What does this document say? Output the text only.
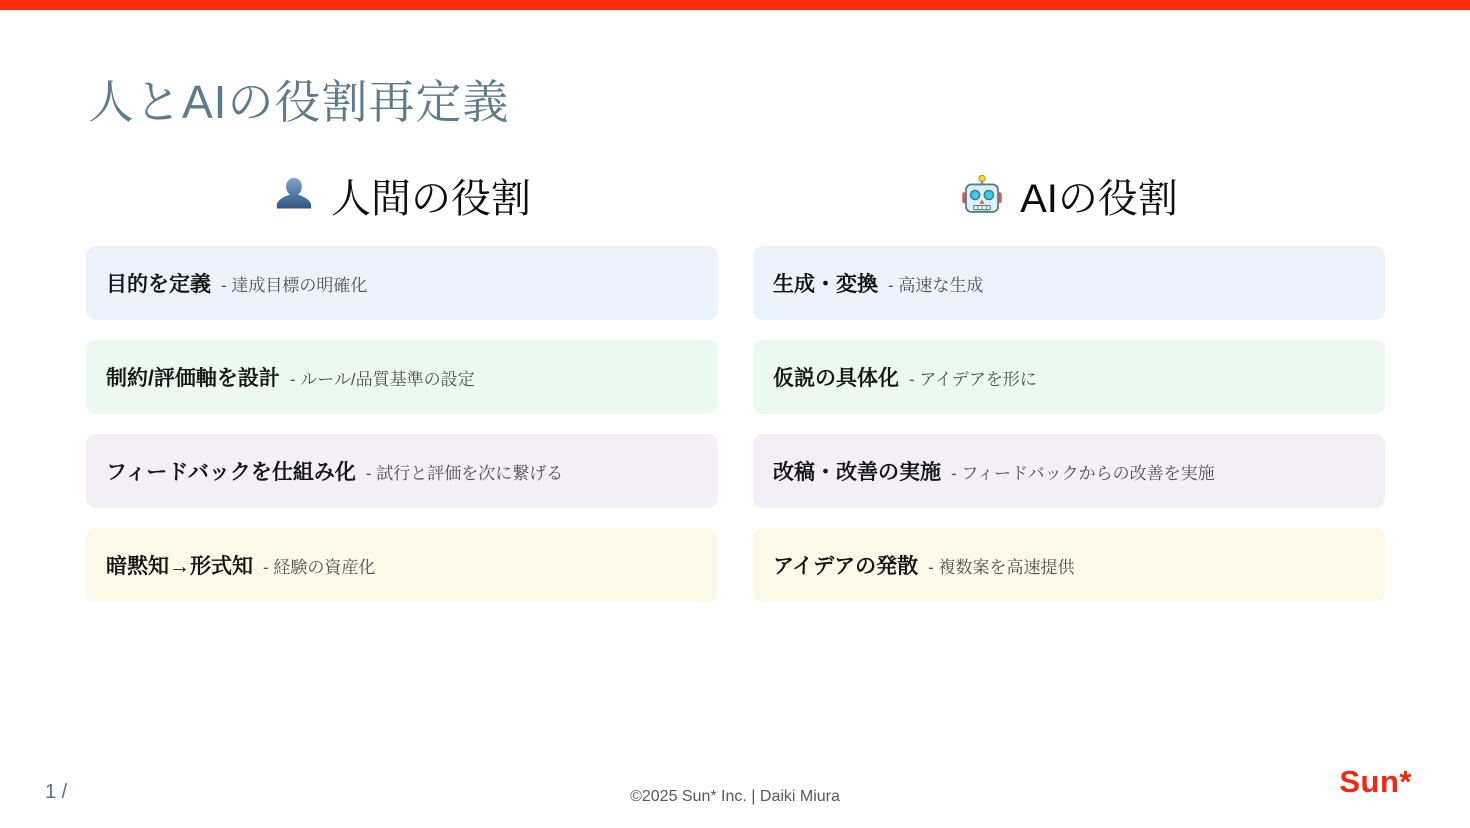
人とAIの役割再定義
人間の役割
目的を定義 - 達成目標の明確化
制約/評価軸を設計 - ルール/品質基準の設定
フィードバックを仕組み化 - 試行と評価を次に繋げる
暗黙知→形式知 - 経験の資産化
AIの役割
生成・変換 - 高速な生成
仮説の具体化 - アイデアを形に
改稿・改善の実施 - フィードバックからの改善を実施
アイデアの発散 - 複数案を高速提供
1 /	©2025 Sun* Inc. | Daiki Miura	Sun*
